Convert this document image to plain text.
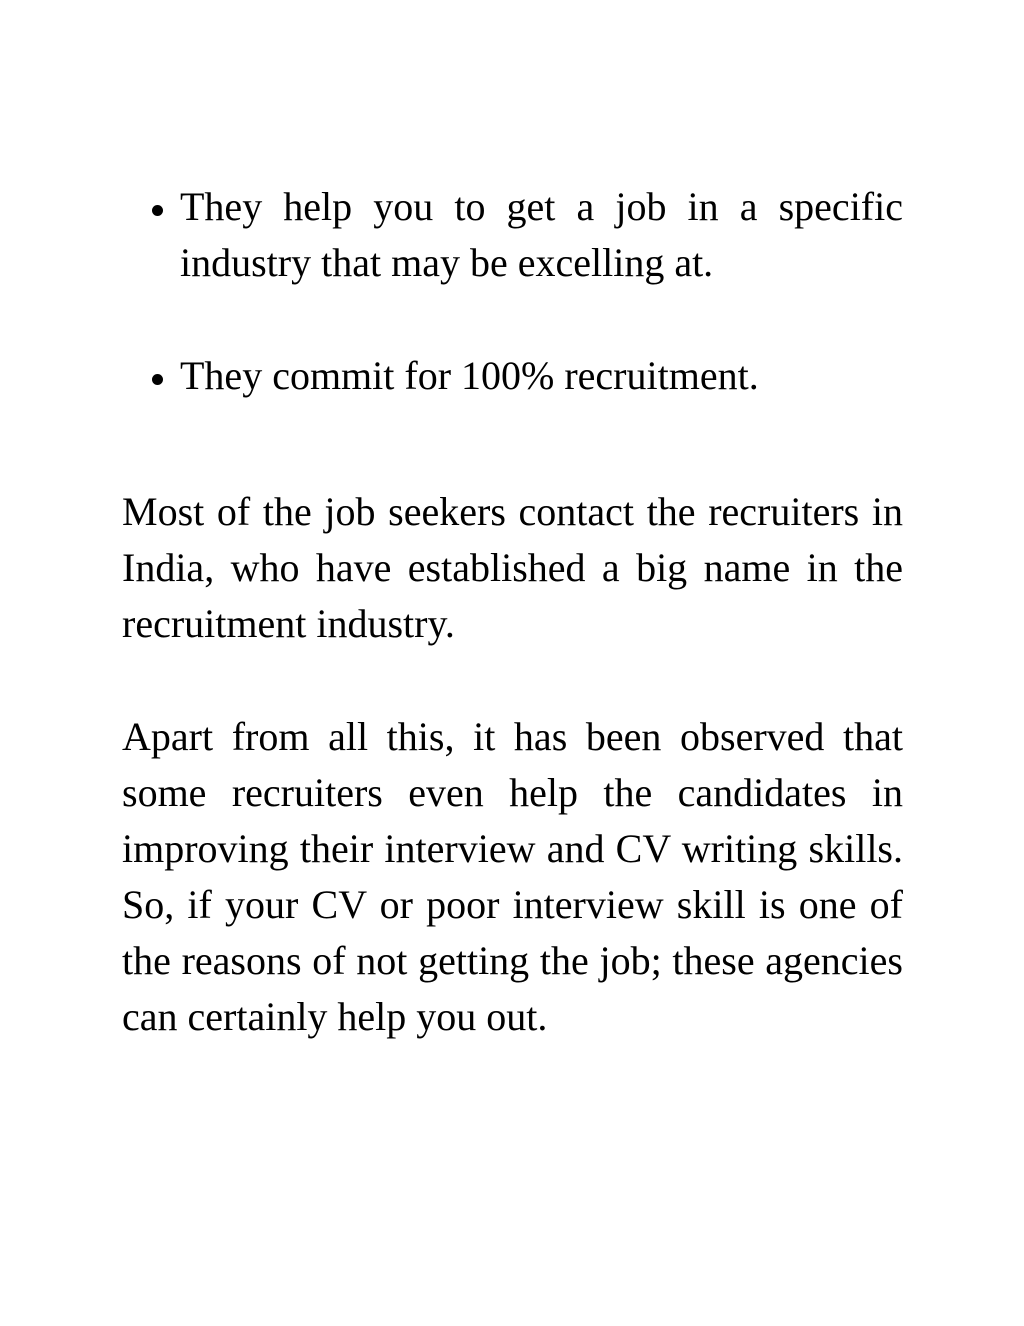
They help you to get a job in a specific industry that may be excelling at.
They commit for 100% recruitment.

Most of the job seekers contact the recruiters in India, who have established a big name in the recruitment industry.

Apart from all this, it has been observed that some recruiters even help the candidates in improving their interview and CV writing skills. So, if your CV or poor interview skill is one of the reasons of not getting the job; these agencies can certainly help you out.
